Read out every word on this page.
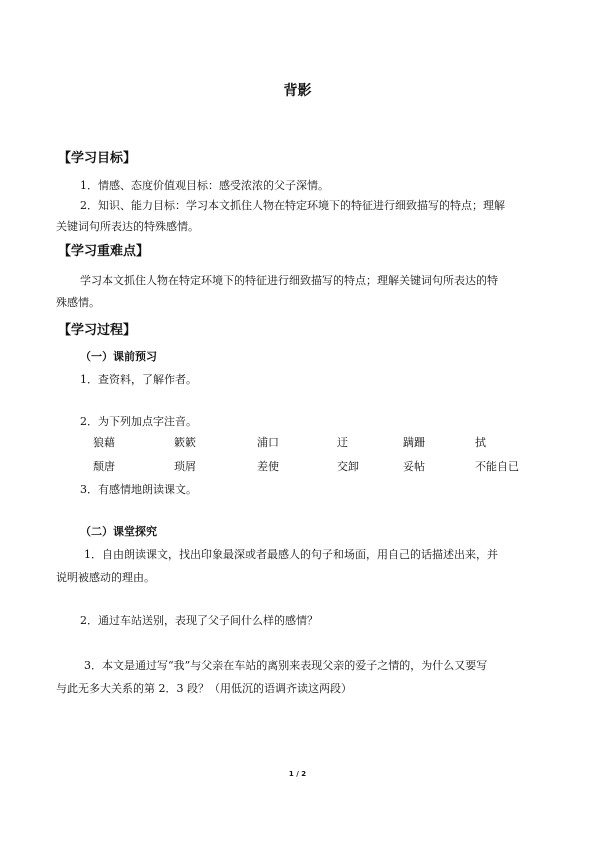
背影
【学习目标】
1．情感、态度价值观目标：感受浓浓的父子深情。
2．知识、能力目标：学习本文抓住人物在特定环境下的特征进行细致描写的特点；理解
关键词句所表达的特殊感情。
【学习重难点】
学习本文抓住人物在特定环境下的特征进行细致描写的特点；理解关键词句所表达的特
殊感情。
【学习过程】
（一）课前预习
1．查资料，了解作者。
2．为下列加点字注音。
狼藉	簌簌	浦口	迂	蹒跚	拭
颓唐	琐屑	差使	交卸	妥帖	不能自已
3．有感情地朗读课文。
（二）课堂探究
1．自由朗读课文，找出印象最深或者最感人的句子和场面，用自己的话描述出来，并
说明被感动的理由。
2．通过车站送别，表现了父子间什么样的感情？
3．本文是通过写“我”与父亲在车站的离别来表现父亲的爱子之情的，为什么又要写
与此无多大关系的第 2．3 段？（用低沉的语调齐读这两段）
1 / 2
